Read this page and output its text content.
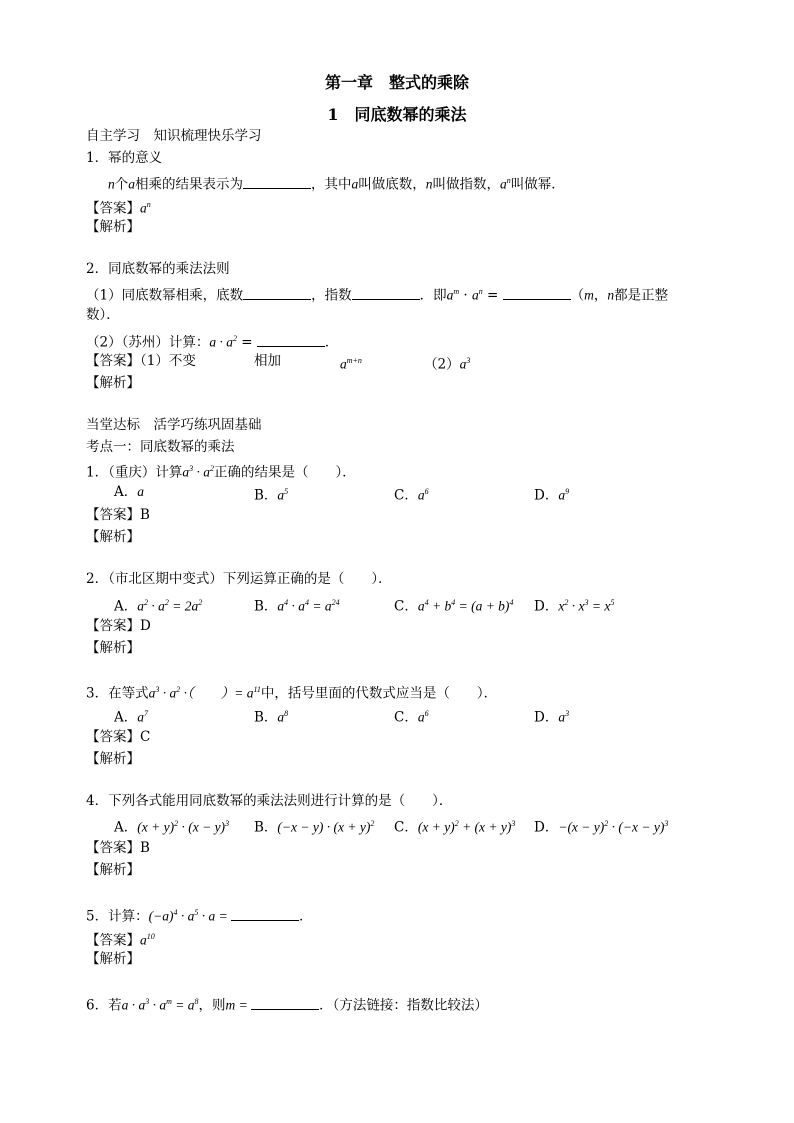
第一章　整式的乘除
1　同底数幂的乘法
自主学习　知识梳理快乐学习
1．幂的意义
n个a相乘的结果表示为	，其中a叫做底数，n叫做指数，$a^n$叫做幂．
【答案】$a^n$
【解析】
2．同底数幂的乘法法则
（1）同底数幂相乘，底数	，指数	．即$a^m \cdot a^n$ =	（m，n都是正整
数）．
（2）（苏州）计算：$a \cdot a^2$ =	．
【答案】（1）不变	相加	$a^{m+n}$	$(2)a^3$
【解析】
当堂达标　活学巧练巩固基础
考点一：同底数幂的乘法
1．（重庆）计算$a^3 \cdot a^2$正确的结果是（　　）．
A．a	B．$a^5$	C．$a^6$	D．$a^9$
【答案】B
【解析】
2．（市北区期中变式）下列运算正确的是（　　）．
A．$a^2 \cdot a^2 = 2a^2$	B．$a^4 \cdot a^4 = a^{24}$	C．$a^4 + b^4 = (a + b)^4$ D．$x^2 \cdot x^3 = x^5$
【答案】D
【解析】
3．在等式$a^3 \cdot a^2$ ·（　　）= $a^{11}$中，括号里面的代数式应当是（　　）．
A．$a^7$	B．$a^8$	C．$a^6$	D．$a^3$
【答案】C
【解析】
4．下列各式能用同底数幂的乘法法则进行计算的是（　　）．
A．$(x + y)^2 \cdot (x - y)^3$ B．$(-x - y) \cdot (x + y)^2$ C．$(x + y)^2 + (x + y)^3$ D．$-(x - y)^2 \cdot (-x - y)^3$
【答案】B
【解析】
5．计算：$(-a)^4 \cdot a^5 \cdot a$ =	．
【答案】$a^{10}$
【解析】
6．若$a \cdot a^3 \cdot a^m = a^8$，则m =	．（方法链接：指数比较法）
